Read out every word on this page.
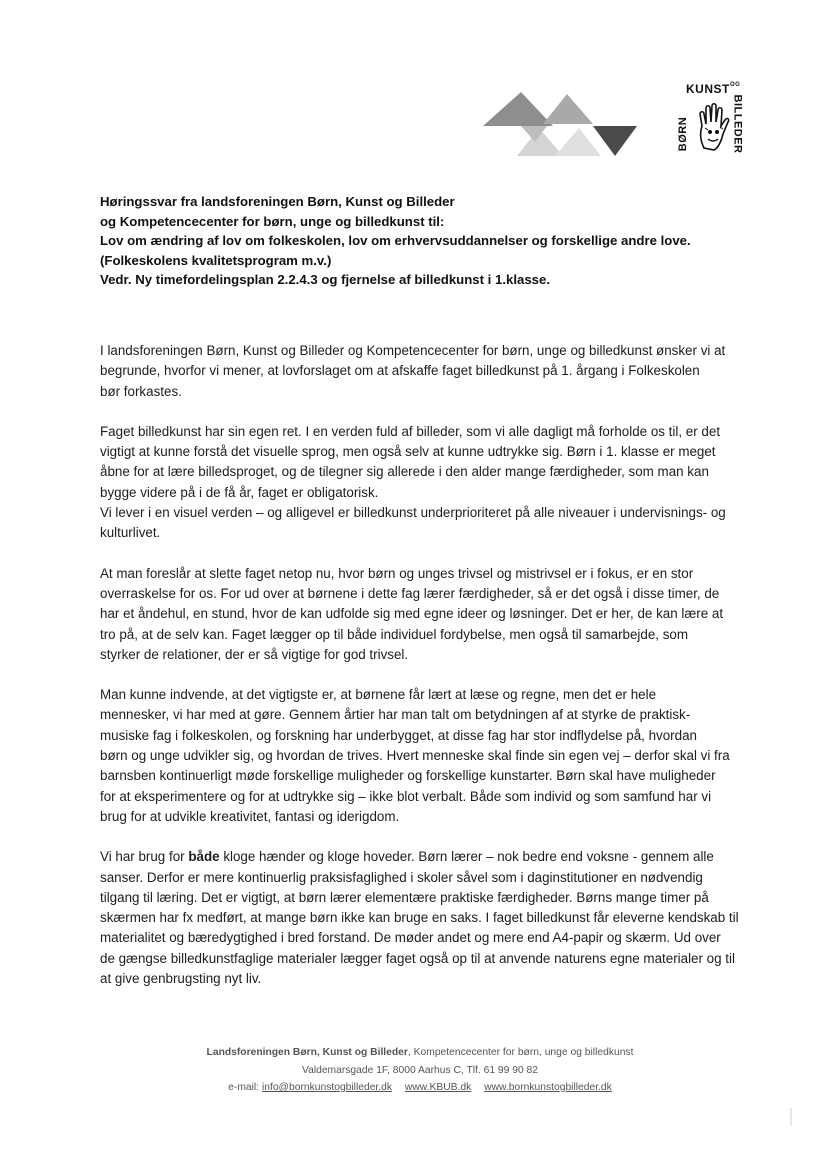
KUNST OG
BØRN	BILLEDER
Høringssvar fra landsforeningen Børn, Kunst og Billeder
og Kompetencecenter for børn, unge og billedkunst til:
Lov om ændring af lov om folkeskolen, lov om erhvervsuddannelser og forskellige andre love.
(Folkeskolens kvalitetsprogram m.v.)
Vedr. Ny timefordelingsplan 2.2.4.3 og fjernelse af billedkunst i 1.klasse.

I landsforeningen Børn, Kunst og Billeder og Kompetencecenter for børn, unge og billedkunst ønsker vi at
begrunde, hvorfor vi mener, at lovforslaget om at afskaffe faget billedkunst på 1. årgang i Folkeskolen
bør forkastes.

Faget billedkunst har sin egen ret. I en verden fuld af billeder, som vi alle dagligt må forholde os til, er det
vigtigt at kunne forstå det visuelle sprog, men også selv at kunne udtrykke sig. Børn i 1. klasse er meget
åbne for at lære billedsproget, og de tilegner sig allerede i den alder mange færdigheder, som man kan
bygge videre på i de få år, faget er obligatorisk.
Vi lever i en visuel verden – og alligevel er billedkunst underprioriteret på alle niveauer i undervisnings- og
kulturlivet.

At man foreslår at slette faget netop nu, hvor børn og unges trivsel og mistrivsel er i fokus, er en stor
overraskelse for os. For ud over at børnene i dette fag lærer færdigheder, så er det også i disse timer, de
har et åndehul, en stund, hvor de kan udfolde sig med egne ideer og løsninger. Det er her, de kan lære at
tro på, at de selv kan. Faget lægger op til både individuel fordybelse, men også til samarbejde, som
styrker de relationer, der er så vigtige for god trivsel.

Man kunne indvende, at det vigtigste er, at børnene får lært at læse og regne, men det er hele
mennesker, vi har med at gøre. Gennem årtier har man talt om betydningen af at styrke de praktisk-
musiske fag i folkeskolen, og forskning har underbygget, at disse fag har stor indflydelse på, hvordan
børn og unge udvikler sig, og hvordan de trives. Hvert menneske skal finde sin egen vej – derfor skal vi fra
barnsben kontinuerligt møde forskellige muligheder og forskellige kunstarter. Børn skal have muligheder
for at eksperimentere og for at udtrykke sig – ikke blot verbalt. Både som individ og som samfund har vi
brug for at udvikle kreativitet, fantasi og iderigdom.

Vi har brug for både kloge hænder og kloge hoveder. Børn lærer – nok bedre end voksne - gennem alle
sanser. Derfor er mere kontinuerlig praksisfaglighed i skoler såvel som i daginstitutioner en nødvendig
tilgang til læring. Det er vigtigt, at børn lærer elementære praktiske færdigheder. Børns mange timer på
skærmen har fx medført, at mange børn ikke kan bruge en saks. I faget billedkunst får eleverne kendskab til
materialitet og bæredygtighed i bred forstand. De møder andet og mere end A4-papir og skærm. Ud over
de gængse billedkunstfaglige materialer lægger faget også op til at anvende naturens egne materialer og til
at give genbrugsting nyt liv.

Landsforeningen Børn, Kunst og Billeder, Kompetencecenter for børn, unge og billedkunst
Valdemarsgade 1F, 8000 Aarhus C, Tlf. 61 99 90 82
e-mail: info@bornkunstogbilleder.dk www.KBUB.dk www.bornkunstogbilleder.dk
